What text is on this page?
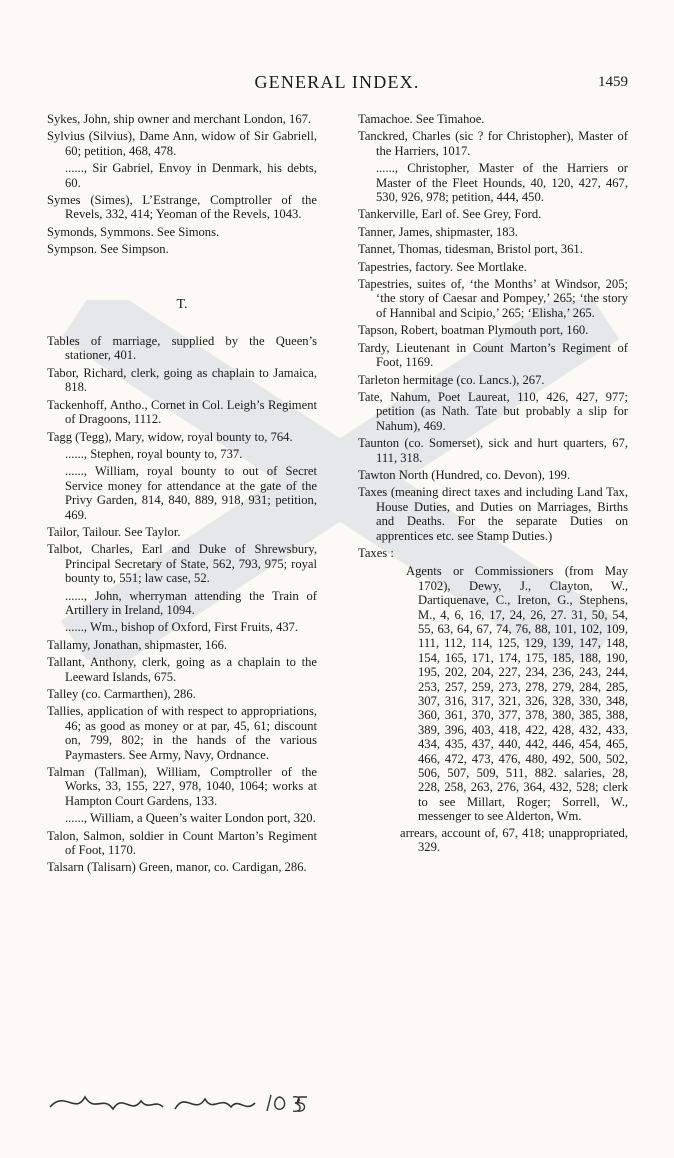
GENERAL INDEX.	1459

Sykes, John, ship owner and merchant London, 167.

Sylvius (Silvius), Dame Ann, widow of Sir Gabriell, 60; petition, 468, 478.

......, Sir Gabriel, Envoy in Denmark, his debts, 60.

Symes (Simes), L’Estrange, Comptroller of the Revels, 332, 414; Yeoman of the Revels, 1043.

Symonds, Symmons. See Simons.

Sympson. See Simpson.

T.

Tables of marriage, supplied by the Queen’s stationer, 401.

Tabor, Richard, clerk, going as chaplain to Jamaica, 818.

Tackenhoff, Antho., Cornet in Col. Leigh’s Regiment of Dragoons, 1112.

Tagg (Tegg), Mary, widow, royal bounty to, 764.

......, Stephen, royal bounty to, 737.

......, William, royal bounty to out of Secret Service money for attendance at the gate of the Privy Garden, 814, 840, 889, 918, 931; petition, 469.

Tailor, Tailour. See Taylor.

Talbot, Charles, Earl and Duke of Shrewsbury, Principal Secretary of State, 562, 793, 975; royal bounty to, 551; law case, 52.

......, John, wherryman attending the Train of Artillery in Ireland, 1094.

......, Wm., bishop of Oxford, First Fruits, 437.

Tallamy, Jonathan, shipmaster, 166.

Tallant, Anthony, clerk, going as a chaplain to the Leeward Islands, 675.

Talley (co. Carmarthen), 286.

Tallies, application of with respect to appropriations, 46; as good as money or at par, 45, 61; discount on, 799, 802; in the hands of the various Paymasters. See Army, Navy, Ordnance.

Talman (Tallman), William, Comptroller of the Works, 33, 155, 227, 978, 1040, 1064; works at Hampton Court Gardens, 133.

......, William, a Queen’s waiter London port, 320.

Talon, Salmon, soldier in Count Marton’s Regiment of Foot, 1170.

Talsarn (Talisarn) Green, manor, co. Cardigan, 286.

Tamachoe. See Timahoe.

Tanckred, Charles (sic ? for Christopher), Master of the Harriers, 1017.

......, Christopher, Master of the Harriers or Master of the Fleet Hounds, 40, 120, 427, 467, 530, 926, 978; petition, 444, 450.

Tankerville, Earl of. See Grey, Ford.

Tanner, James, shipmaster, 183.

Tannet, Thomas, tidesman, Bristol port, 361.

Tapestries, factory. See Mortlake.

Tapestries, suites of, ‘the Months’ at Windsor, 205; ‘the story of Caesar and Pompey,’ 265; ‘the story of Hannibal and Scipio,’ 265; ‘Elisha,’ 265.

Tapson, Robert, boatman Plymouth port, 160.

Tardy, Lieutenant in Count Marton’s Regiment of Foot, 1169.

Tarleton hermitage (co. Lancs.), 267.

Tate, Nahum, Poet Laureat, 110, 426, 427, 977; petition (as Nath. Tate but probably a slip for Nahum), 469.

Taunton (co. Somerset), sick and hurt quarters, 67, 111, 318.

Tawton North (Hundred, co. Devon), 199.

Taxes (meaning direct taxes and including Land Tax, House Duties, and Duties on Marriages, Births and Deaths. For the separate Duties on apprentices etc. see Stamp Duties.)

Taxes :

Agents or Commissioners (from May 1702), Dewy, J., Clayton, W., Dartiquenave, C., Ireton, G., Stephens, M., 4, 6, 16, 17, 24, 26, 27. 31, 50, 54, 55, 63, 64, 67, 74, 76, 88, 101, 102, 109, 111, 112, 114, 125, 129, 139, 147, 148, 154, 165, 171, 174, 175, 185, 188, 190, 195, 202, 204, 227, 234, 236, 243, 244, 253, 257, 259, 273, 278, 279, 284, 285, 307, 316, 317, 321, 326, 328, 330, 348, 360, 361, 370, 377, 378, 380, 385, 388, 389, 396, 403, 418, 422, 428, 432, 433, 434, 435, 437, 440, 442, 446, 454, 465, 466, 472, 473, 476, 480, 492, 500, 502, 506, 507, 509, 511, 882. salaries, 28, 228, 258, 263, 276, 364, 432, 528; clerk to see Millart, Roger; Sorrell, W., messenger to see Alderton, Wm.

arrears, account of, 67, 418; unappropriated, 329.
